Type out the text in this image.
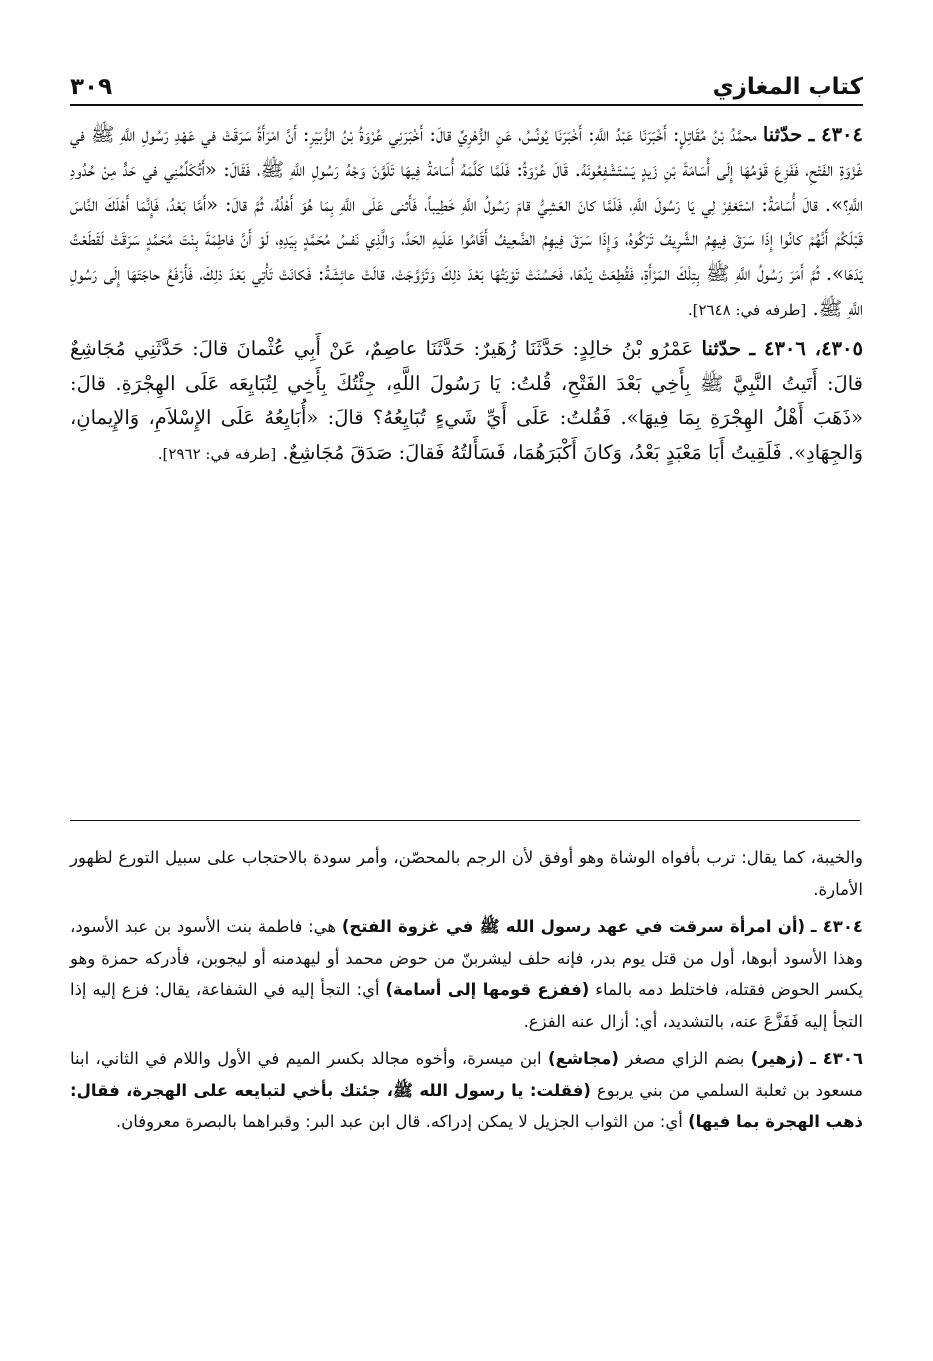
كتاب المغازي
٣٠٩

٤٣٠٤ ـ حدّثنا محمَّدُ بْنُ مُقَاتِلٍ: أَخْبَرَنَا عَبْدُ اللَّهِ: أَخْبَرَنَا يُونُسُ، عَنِ الزُّهْرِيِّ قالَ: أَخْبَرَنِي عُرْوَةُ بْنُ الزُّبَيْرِ: أَنَّ امْرَأَةً سَرَقَتْ في عَهْدِ رَسُولِ اللَّهِ ﷺ في غَزْوَةِ الفَتْحِ، فَفَزِعَ قَوْمُهَا إِلَى أُسَامَةَ بْنِ زَيدٍ يَسْتَشْفِعُونَهُ. قَالَ عُرْوَةُ: فَلَمَّا كَلَّمَهُ أُسَامَةُ فِيهَا تَلَوَّنَ وَجْهُ رَسُولِ اللَّهِ ﷺ، فَقَالَ: «أَتُكَلِّمُنِي في حَدٍّ مِنْ حُدُودِ اللَّهِ؟». قالَ أُسَامَةُ: اسْتَغفِرْ لِي يَا رَسُولَ اللَّهِ، فَلَمَّا كانَ العَشِيُّ قامَ رَسُولُ اللَّهِ خَطِيباً، فَأَثنى عَلَى اللَّهِ بِمَا هُوَ أَهْلُهُ، ثُمَّ قالَ: «أَمَّا بَعْدُ، فَإِنَّمَا أَهْلَكَ النَّاسَ قَبْلَكُمْ أَنَّهُمْ كانُوا إِذَا سَرَقَ فِيهِمُ الشَّرِيفُ تَرَكُوهُ، وَإِذَا سَرَقَ فِيهِمُ الضَّعِيفُ أَقَامُوا عَلَيهِ الحَدَّ، وَالَّذِي نَفسُ مُحَمَّدٍ بِيَدِهِ، لَوْ أَنَّ فاطِمَةَ بِنْتَ مُحَمَّدٍ سَرَقَتْ لَقَطَعْتُ يَدَهَا». ثُمَّ أَمَرَ رَسُولُ اللَّهِ ﷺ بِتِلْكَ المَرْأَةِ، فَقُطِعَتْ يَدُهَا، فَحَسُنَتْ تَوْبَتُهَا بَعْدَ ذلِكَ وَتَزَوَّجَتْ، قالَتْ عائِشَةُ: فَكانَتْ تَأْتِي بَعْدَ ذلِكَ، فَأَرْفَعُ حاجَتَهَا إِلَى رَسُولِ اللَّهِ ﷺ. [طرفه في: ٢٦٤٨].

٤٣٠٥، ٤٣٠٦ ـ حدّثنا عَمْرُو بْنُ خالِدٍ: حَدَّثَنَا زُهَيرٌ: حَدَّثَنَا عاصِمٌ، عَنْ أَبِي عُثْمانَ قالَ: حَدَّثَنِي مُجَاشِعٌ قالَ: أَتَيتُ النَّبِيَّ ﷺ بِأَخِي بَعْدَ الفَتْحِ، قُلتُ: يَا رَسُولَ اللَّهِ، جِئْتُكَ بِأَخِي لِتُبَايِعَه عَلَى الهِجْرَةِ. قالَ: «ذَهَبَ أَهْلُ الهِجْرَةِ بِمَا فِيهَا». فَقُلتُ: عَلَى أَيِّ شَيءٍ تُبَايِعُهُ؟ قالَ: «أُبَايِعُهُ عَلَى الإِسْلاَمِ، وَالإِيمانِ، وَالجِهَادِ». فَلَقِيتُ أَبَا مَعْبَدٍ بَعْدُ، وَكانَ أَكْبَرَهُمَا، فَسَأَلتُهُ فَقالَ: صَدَقَ مُجَاشِعٌ. [طرفه في: ٢٩٦٢].

والخيبة، كما يقال: ترب بأفواه الوشاة وهو أوفق لأن الرجم بالمحصّن، وأمر سودة بالاحتجاب على سبيل التورع لظهور الأمارة.

٤٣٠٤ ـ (أن امرأة سرقت في عهد رسول الله ﷺ في غزوة الفتح) هي: فاطمة بنت الأسود بن عبد الأسود، وهذا الأسود أبوها، أول من قتل يوم بدر، فإنه حلف ليشربنّ من حوض محمد أو ليهدمنه أو ليجوبن، فأدركه حمزة وهو يكسر الحوض فقتله، فاختلط دمه بالماء (ففزع قومها إلى أسامة) أي: التجأ إليه في الشفاعة، يقال: فزع إليه إذا التجأ إليه فَفَزَّعَ عنه، بالتشديد، أي: أزال عنه الفزع.

٤٣٠٦ ـ (زهير) بضم الزاي مصغر (مجاشع) ابن ميسرة، وأخوه مجالد بكسر الميم في الأول واللام في الثاني، ابنا مسعود بن ثعلبة السلمي من بني يربوع (فقلت: يا رسول الله ﷺ، جئتك بأخي لتبايعه على الهجرة، فقال: ذهب الهجرة بما فيها) أي: من الثواب الجزيل لا يمكن إدراكه. قال ابن عبد البر: وقبراهما بالبصرة معروفان.
